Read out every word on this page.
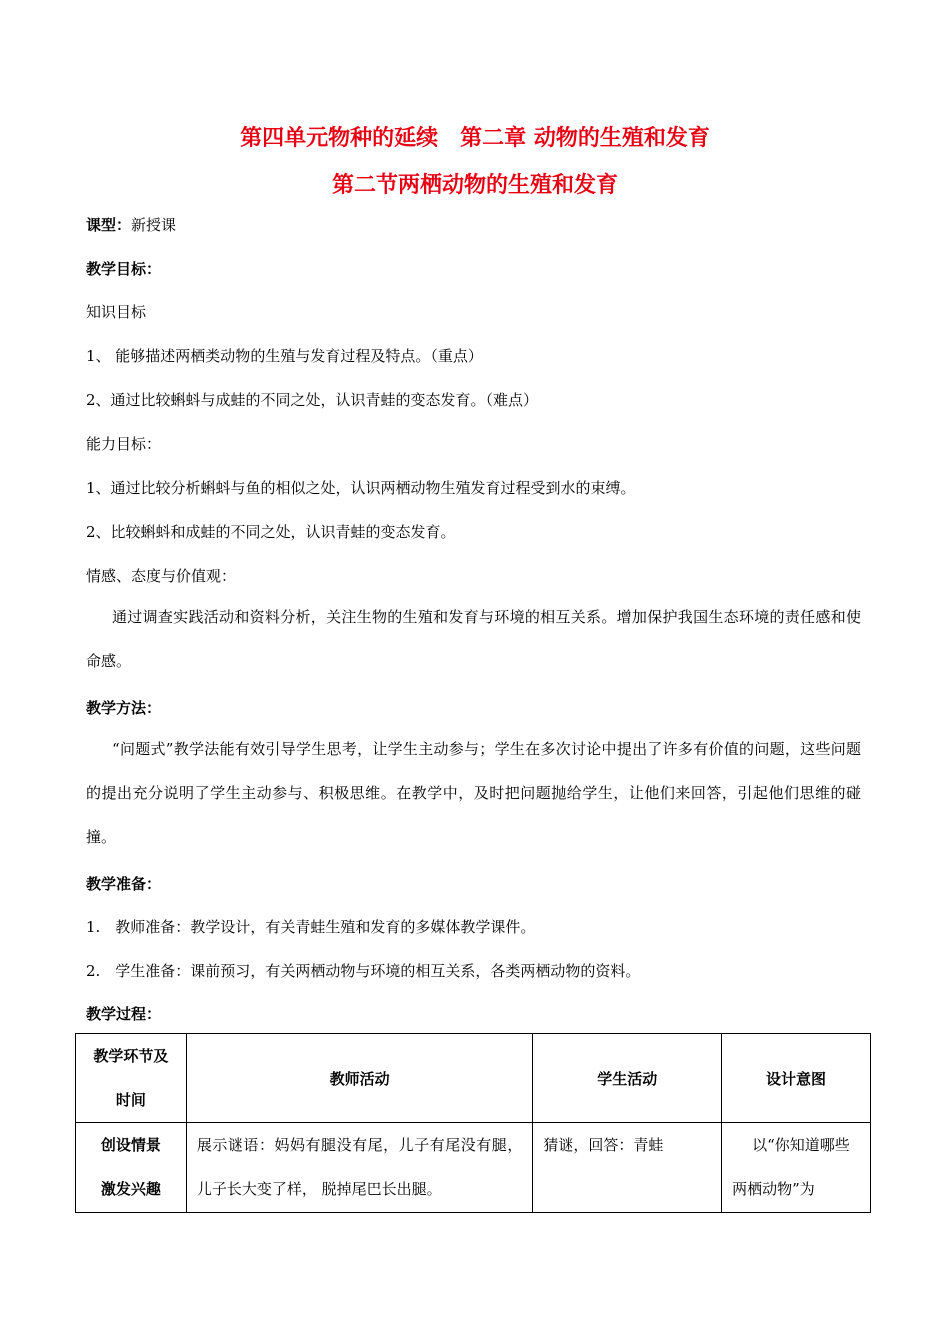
第四单元物种的延续　第二章 动物的生殖和发育
第二节两栖动物的生殖和发育
课型：新授课
教学目标：
知识目标
1、 能够描述两栖类动物的生殖与发育过程及特点。（重点）
2、通过比较蝌蚪与成蛙的不同之处，认识青蛙的变态发育。（难点）
能力目标：
1、通过比较分析蝌蚪与鱼的相似之处，认识两栖动物生殖发育过程受到水的束缚。
2、比较蝌蚪和成蛙的不同之处，认识青蛙的变态发育。
情感、态度与价值观：
通过调查实践活动和资料分析，关注生物的生殖和发育与环境的相互关系。增加保护我国生态环境的责任感和使命感。
教学方法：
“问题式”教学法能有效引导学生思考，让学生主动参与；学生在多次讨论中提出了许多有价值的问题，这些问题的提出充分说明了学生主动参与、积极思维。在教学中，及时把问题抛给学生，让他们来回答，引起他们思维的碰撞。
教学准备：
1.　教师准备：教学设计，有关青蛙生殖和发育的多媒体教学课件。
2.　学生准备：课前预习，有关两栖动物与环境的相互关系，各类两栖动物的资料。
教学过程：
教学环节及
时间	教师活动	学生活动	设计意图

创设情景
激发兴趣	展示谜语：妈妈有腿没有尾，儿子有尾没有腿， 儿子长大变了样， 脱掉尾巴长出腿。	猜谜，回答：青蛙	以“你知道哪些两栖动物”为
